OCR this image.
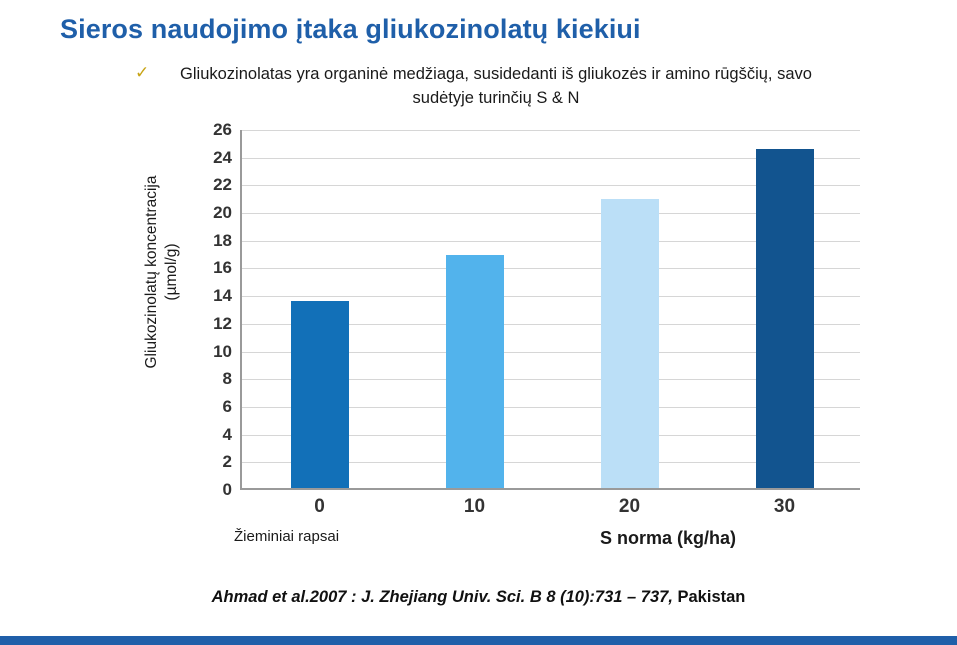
Sieros naudojimo įtaka gliukozinolatų kiekiui
✓	Gliukozinolatas yra organinė medžiaga, susidedanti iš gliukozės ir amino rūgščių, savo sudėtyje turinčių S & N
Gliukozinolatų koncentracija (µmol/g)
26
24
22
20
18
16
14
12
10
8
6
4
2
0
0	10	20	30
S norma (kg/ha)
Žieminiai rapsai
Ahmad et al.2007 : J. Zhejiang Univ. Sci. B 8 (10):731 – 737, Pakistan
